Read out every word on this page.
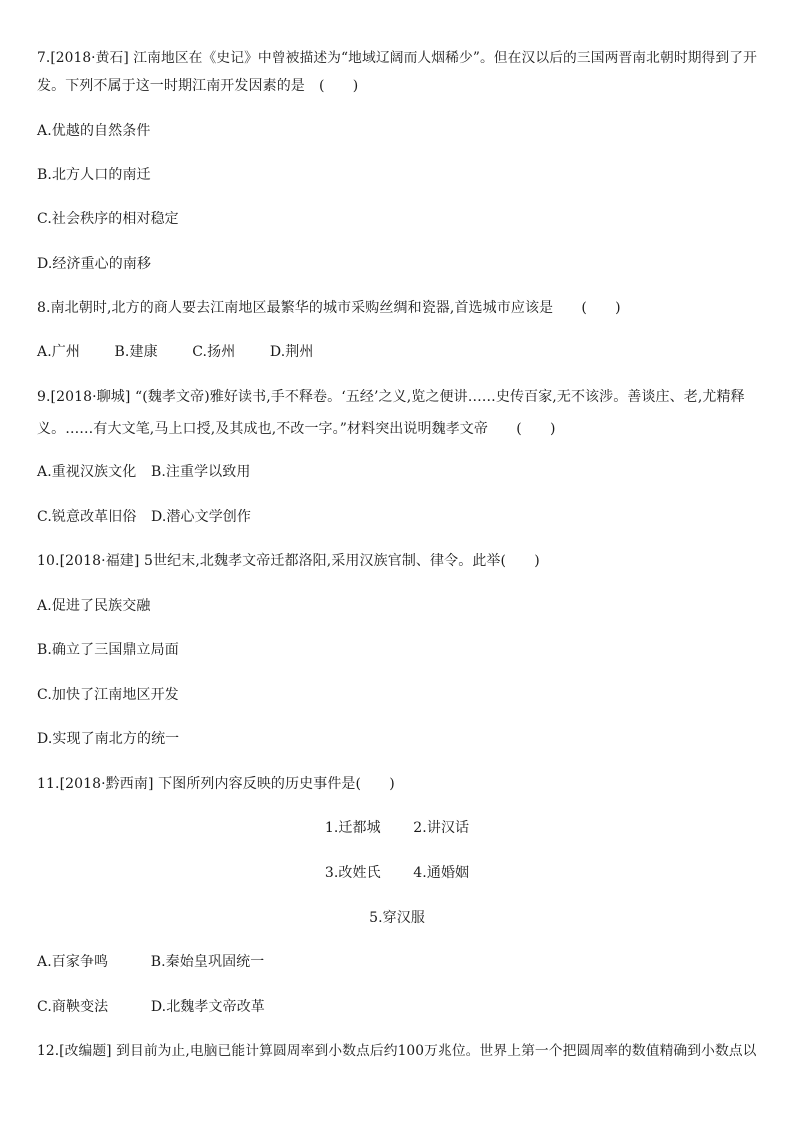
7.[2018·黄石] 江南地区在《史记》中曾被描述为“地域辽阔而人烟稀少”。但在汉以后的三国两晋南北朝时期得到了开
发。下列不属于这一时期江南开发因素的是　(　　)
A.优越的自然条件
B.北方人口的南迁
C.社会秩序的相对稳定
D.经济重心的南移
8.南北朝时,北方的商人要去江南地区最繁华的城市采购丝绸和瓷器,首选城市应该是　　(　　)
A.广州 B.建康 C.扬州 D.荆州
9.[2018·聊城] “(魏孝文帝)雅好读书,手不释卷。‘五经’之义,览之便讲……史传百家,无不该涉。善谈庄、老,尤精释
义。……有大文笔,马上口授,及其成也,不改一字。”材料突出说明魏孝文帝　　(　　)
A.重视汉族文化 B.注重学以致用
C.锐意改革旧俗 D.潜心文学创作
10.[2018·福建] 5世纪末,北魏孝文帝迁都洛阳,采用汉族官制、律令。此举(　　)
A.促进了民族交融
B.确立了三国鼎立局面
C.加快了江南地区开发
D.实现了南北方的统一
11.[2018·黔西南] 下图所列内容反映的历史事件是(　　)
1.迁都城 2.讲汉话
3.改姓氏 4.通婚姻
5.穿汉服
A.百家争鸣	B.秦始皇巩固统一
C.商鞅变法	D.北魏孝文帝改革
12.[改编题] 到目前为止,电脑已能计算圆周率到小数点后约100万兆位。世界上第一个把圆周率的数值精确到小数点以
